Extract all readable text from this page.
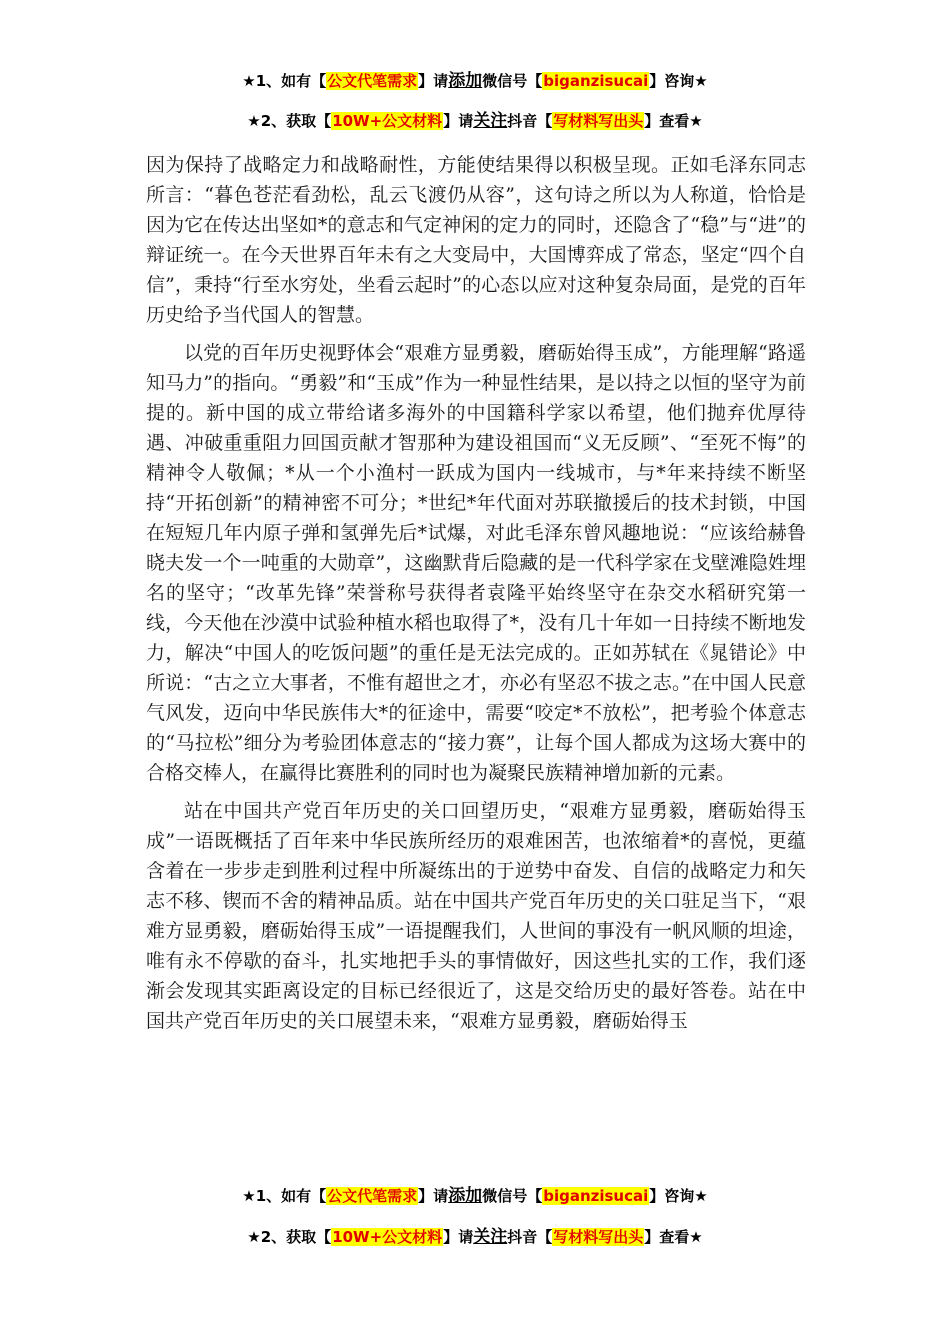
★1、如有【公文代笔需求】请添加微信号【biganzisucai】咨询★
★2、获取【10W+公文材料】请关注抖音【写材料写出头】查看★

因为保持了战略定力和战略耐性，方能使结果得以积极呈现。正如毛泽东同志所言：“暮色苍茫看劲松，乱云飞渡仍从容”，这句诗之所以为人称道，恰恰是因为它在传达出坚如*的意志和气定神闲的定力的同时，还隐含了“稳”与“进”的辩证统一。在今天世界百年未有之大变局中，大国博弈成了常态，坚定“四个自信”，秉持“行至水穷处，坐看云起时”的心态以应对这种复杂局面，是党的百年历史给予当代国人的智慧。

以党的百年历史视野体会“艰难方显勇毅，磨砺始得玉成”，方能理解“路遥知马力”的指向。“勇毅”和“玉成”作为一种显性结果，是以持之以恒的坚守为前提的。新中国的成立带给诸多海外的中国籍科学家以希望，他们抛弃优厚待遇、冲破重重阻力回国贡献才智那种为建设祖国而“义无反顾”、“至死不悔”的精神令人敬佩；*从一个小渔村一跃成为国内一线城市，与*年来持续不断坚持“开拓创新”的精神密不可分；*世纪*年代面对苏联撤援后的技术封锁，中国在短短几年内原子弹和氢弹先后*试爆，对此毛泽东曾风趣地说：“应该给赫鲁晓夫发一个一吨重的大勋章”，这幽默背后隐藏的是一代科学家在戈壁滩隐姓埋名的坚守；“改革先锋”荣誉称号获得者袁隆平始终坚守在杂交水稻研究第一线，今天他在沙漠中试验种植水稻也取得了*，没有几十年如一日持续不断地发力，解决“中国人的吃饭问题”的重任是无法完成的。正如苏轼在《晁错论》中所说：“古之立大事者，不惟有超世之才，亦必有坚忍不拔之志。”在中国人民意气风发，迈向中华民族伟大*的征途中，需要“咬定*不放松”，把考验个体意志的“马拉松”细分为考验团体意志的“接力赛”，让每个国人都成为这场大赛中的合格交棒人，在赢得比赛胜利的同时也为凝聚民族精神增加新的元素。

站在中国共产党百年历史的关口回望历史，“艰难方显勇毅，磨砺始得玉成”一语既概括了百年来中华民族所经历的艰难困苦，也浓缩着*的喜悦，更蕴含着在一步步走到胜利过程中所凝练出的于逆势中奋发、自信的战略定力和矢志不移、锲而不舍的精神品质。站在中国共产党百年历史的关口驻足当下，“艰难方显勇毅，磨砺始得玉成”一语提醒我们，人世间的事没有一帆风顺的坦途，唯有永不停歇的奋斗，扎实地把手头的事情做好，因这些扎实的工作，我们逐渐会发现其实距离设定的目标已经很近了，这是交给历史的最好答卷。站在中国共产党百年历史的关口展望未来，“艰难方显勇毅，磨砺始得玉

★1、如有【公文代笔需求】请添加微信号【biganzisucai】咨询★
★2、获取【10W+公文材料】请关注抖音【写材料写出头】查看★
